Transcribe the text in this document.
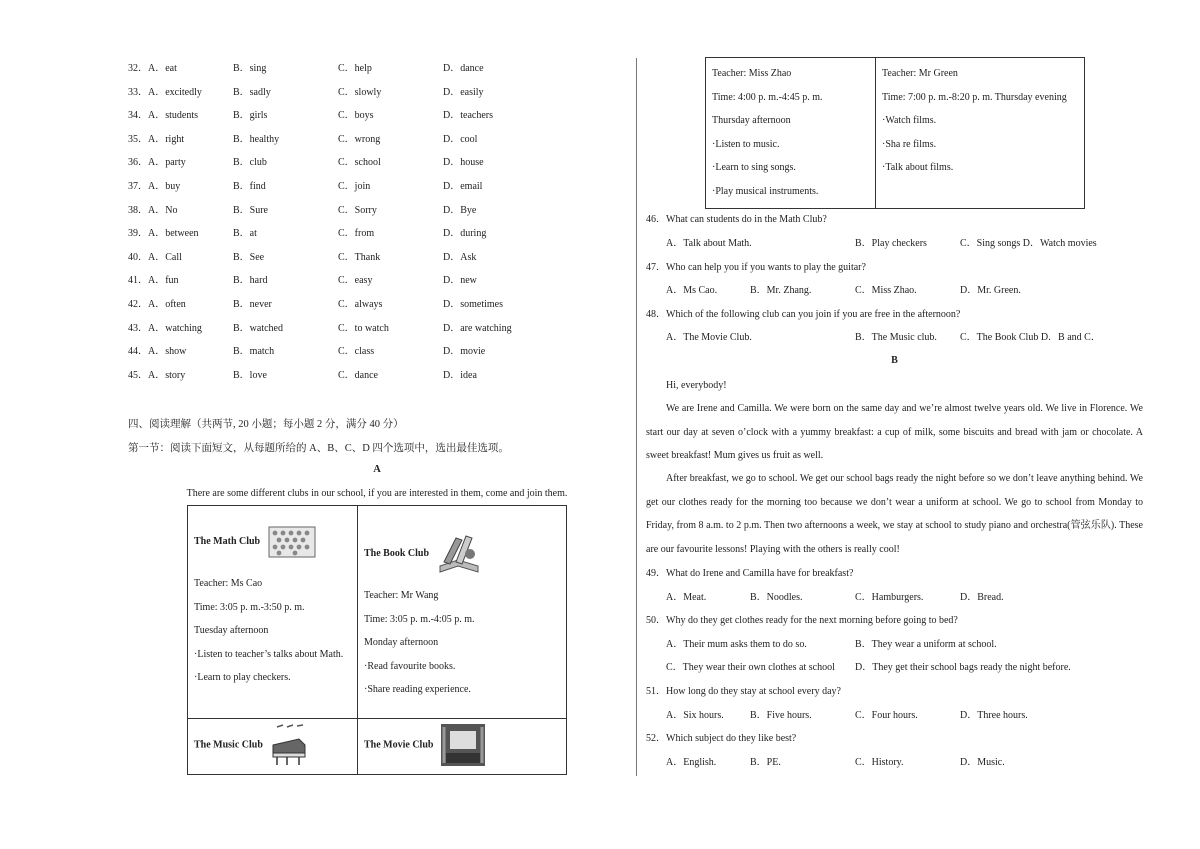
32． A．eat	B．sing	C．help	D．dance
33． A．excitedly	B．sadly	C．slowly	D．easily
34． A．students	B．girls	C．boys	D．teachers
35． A．right	B．healthy	C．wrong	D．cool
36． A．party	B．club	C．school	D．house
37． A．buy	B．find	C．join	D．email
38． A．No	B．Sure	C．Sorry	D．Bye
39． A．between	B．at	C．from	D．during
40． A．Call	B．See	C．Thank	D．Ask
41． A．fun	B．hard	C．easy	D．new
42． A．often	B．never	C．always	D．sometimes
43． A．watching	B．watched	C．to watch	D．are watching
44． A．show	B．match	C．class	D．movie
45． A．story	B．love	C．dance	D．idea
四、阅读理解（共两节, 20 小题；每小题 2 分，满分 40 分）
第一节：阅读下面短文，从每题所给的 A、B、C、D 四个选项中，选出最佳选项。
A
There are some different clubs in our school, if you are interested in them, come and join them.
The Math Club
Teacher: Ms Cao
Time: 3:05 p. m.-3:50 p. m.
Tuesday afternoon
·Listen to teacher’s talks about Math.
·Learn to play checkers.
The Book Club
Teacher: Mr Wang
Time: 3:05 p. m.-4:05 p. m.
Monday afternoon
·Read favourite books.
·Share reading experience.
The Music Club	The Movie Club
Teacher: Miss Zhao
Time: 4:00 p. m.-4:45 p. m.
Thursday afternoon
·Listen to music.
·Learn to sing songs.
·Play musical instruments.
Teacher: Mr Green
Time: 7:00 p. m.-8:20 p. m. Thursday evening
·Watch films.
·Sha re films.
·Talk about films.
46．What can students do in the Math Club?
A．Talk about Math.	B．Play checkers	C．Sing songs D．Watch movies
47．Who can help you if you wants to play the guitar?
A．Ms Cao.	B．Mr. Zhang.	C．Miss Zhao.	D．Mr. Green.
48．Which of the following club can you join if you are free in the afternoon?
A．The Movie Club.	B．The Music club. C．The Book Club D．B and C．
B
Hi, everybody!
We are Irene and Camilla. We were born on the same day and we’re almost twelve years old. We live in Florence. We start our day at seven o’clock with a yummy breakfast: a cup of milk, some biscuits and bread with jam or chocolate. A sweet breakfast! Mum gives us fruit as well.
After breakfast, we go to school. We get our school bags ready the night before so we don’t leave anything behind. We get our clothes ready for the morning too because we don’t wear a uniform at school. We go to school from Monday to Friday, from 8 a.m. to 2 p.m. Then two afternoons a week, we stay at school to study piano and orchestra(管弦乐队). These are our favourite lessons! Playing with the others is really cool!
49．What do Irene and Camilla have for breakfast?
A．Meat.	B．Noodles.	C．Hamburgers.	D．Bread.
50．Why do they get clothes ready for the next morning before going to bed?
A．Their mum asks them to do so.	B．They wear a uniform at school.
C．They wear their own clothes at school D．They get their school bags ready the night before.
51．How long do they stay at school every day?
A．Six hours.	B．Five hours.	C．Four hours.	D．Three hours.
52．Which subject do they like best?
A．English.	B．PE.	C．History.	D．Music.
